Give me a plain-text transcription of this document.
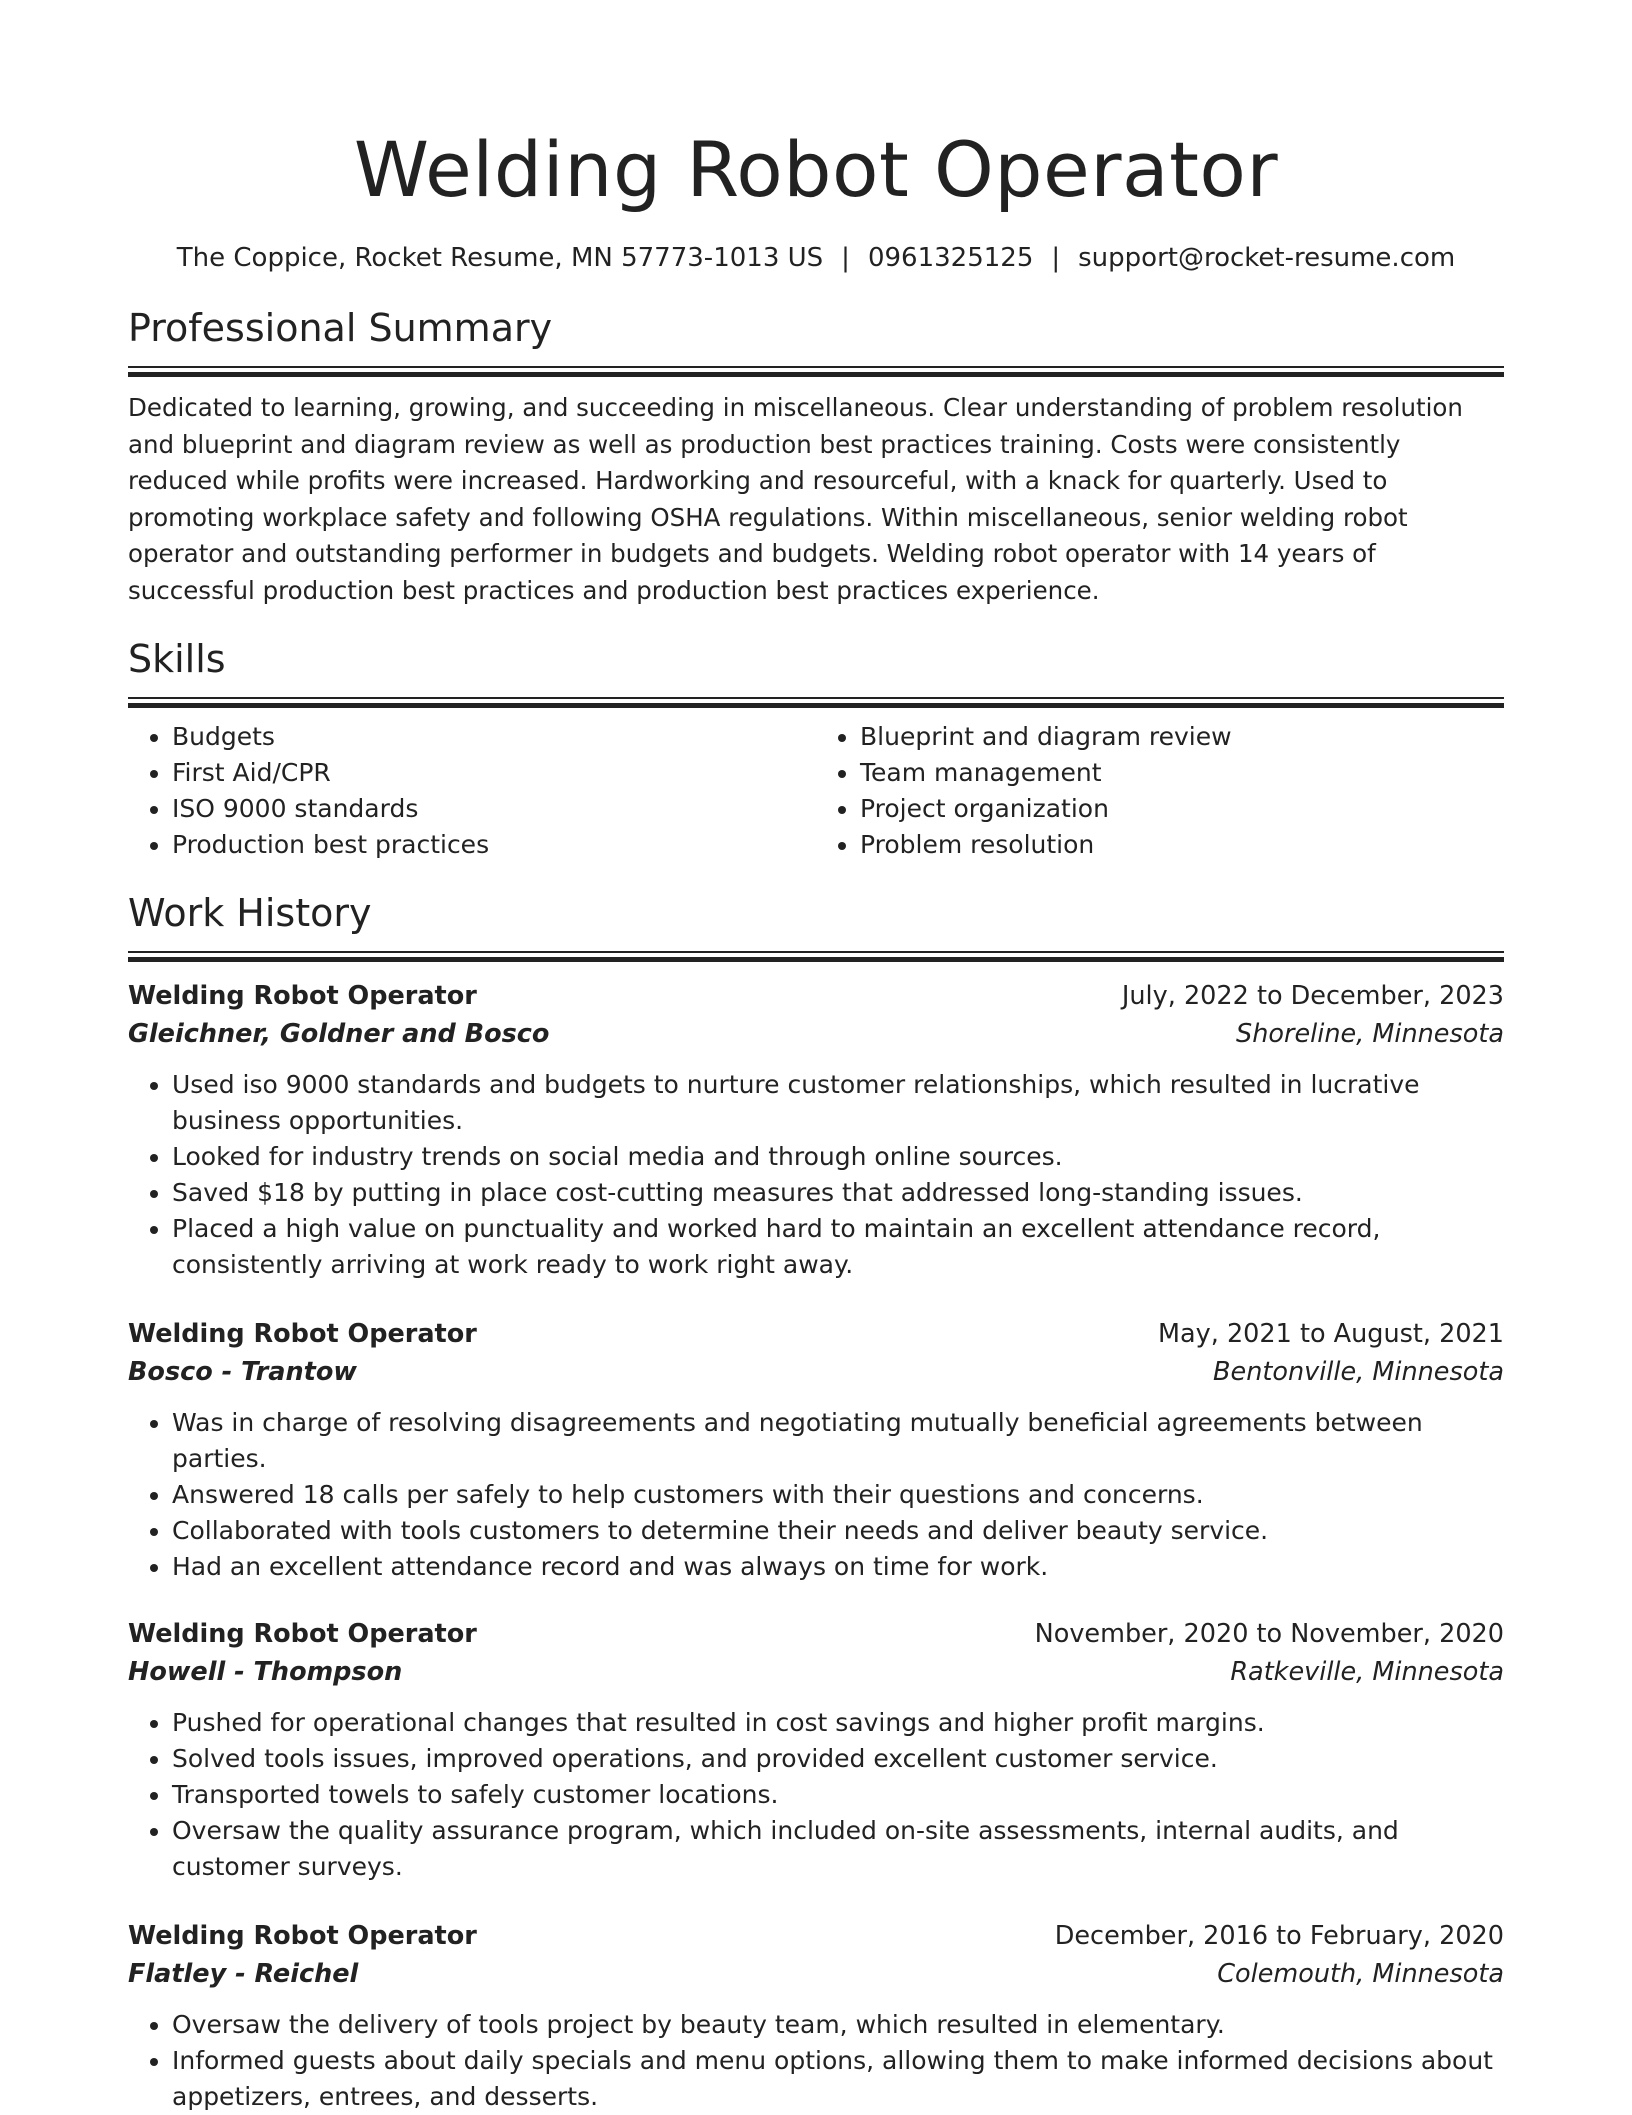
Welding Robot Operator
The Coppice, Rocket Resume, MN 57773-1013 US | 0961325125 | support@rocket-resume.com
Professional Summary
Dedicated to learning, growing, and succeeding in miscellaneous. Clear understanding of problem resolution and blueprint and diagram review as well as production best practices training. Costs were consistently reduced while profits were increased. Hardworking and resourceful, with a knack for quarterly. Used to promoting workplace safety and following OSHA regulations. Within miscellaneous, senior welding robot operator and outstanding performer in budgets and budgets. Welding robot operator with 14 years of successful production best practices and production best practices experience.
Skills
• Budgets
• First Aid/CPR
• ISO 9000 standards
• Production best practices
• Blueprint and diagram review
• Team management
• Project organization
• Problem resolution
Work History
Welding Robot Operator	July, 2022 to December, 2023
Gleichner, Goldner and Bosco	Shoreline, Minnesota
• Used iso 9000 standards and budgets to nurture customer relationships, which resulted in lucrative business opportunities.
• Looked for industry trends on social media and through online sources.
• Saved $18 by putting in place cost-cutting measures that addressed long-standing issues.
• Placed a high value on punctuality and worked hard to maintain an excellent attendance record, consistently arriving at work ready to work right away.
Welding Robot Operator	May, 2021 to August, 2021
Bosco - Trantow	Bentonville, Minnesota
• Was in charge of resolving disagreements and negotiating mutually beneficial agreements between parties.
• Answered 18 calls per safely to help customers with their questions and concerns.
• Collaborated with tools customers to determine their needs and deliver beauty service.
• Had an excellent attendance record and was always on time for work.
Welding Robot Operator	November, 2020 to November, 2020
Howell - Thompson	Ratkeville, Minnesota
• Pushed for operational changes that resulted in cost savings and higher profit margins.
• Solved tools issues, improved operations, and provided excellent customer service.
• Transported towels to safely customer locations.
• Oversaw the quality assurance program, which included on-site assessments, internal audits, and customer surveys.
Welding Robot Operator	December, 2016 to February, 2020
Flatley - Reichel	Colemouth, Minnesota
• Oversaw the delivery of tools project by beauty team, which resulted in elementary.
• Informed guests about daily specials and menu options, allowing them to make informed decisions about appetizers, entrees, and desserts.
